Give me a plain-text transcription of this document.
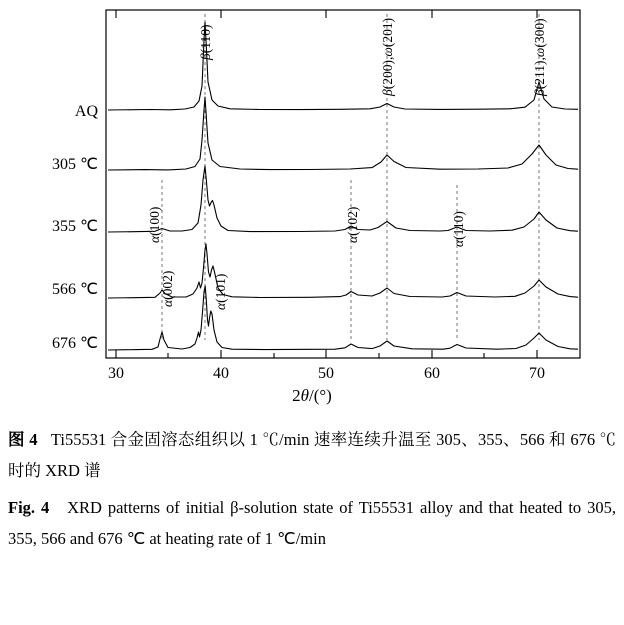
AQ
305 ℃
355 ℃
566 ℃
676 ℃
30	40	50	60	70
β(110)
β(200),ω(201)
β(211),ω(300)
α(100)
α(002)
α(101)
α(102)
α(110)
2θ/(°)

图 4 Ti55531 合金固溶态组织以 1 ℃/min 速率连续升温至 305、355、566 和 676 ℃时的 XRD 谱

Fig. 4 XRD patterns of initial β-solution state of Ti55531 alloy and that heated to 305, 355, 566 and 676 ℃ at heating rate of 1 ℃/min
